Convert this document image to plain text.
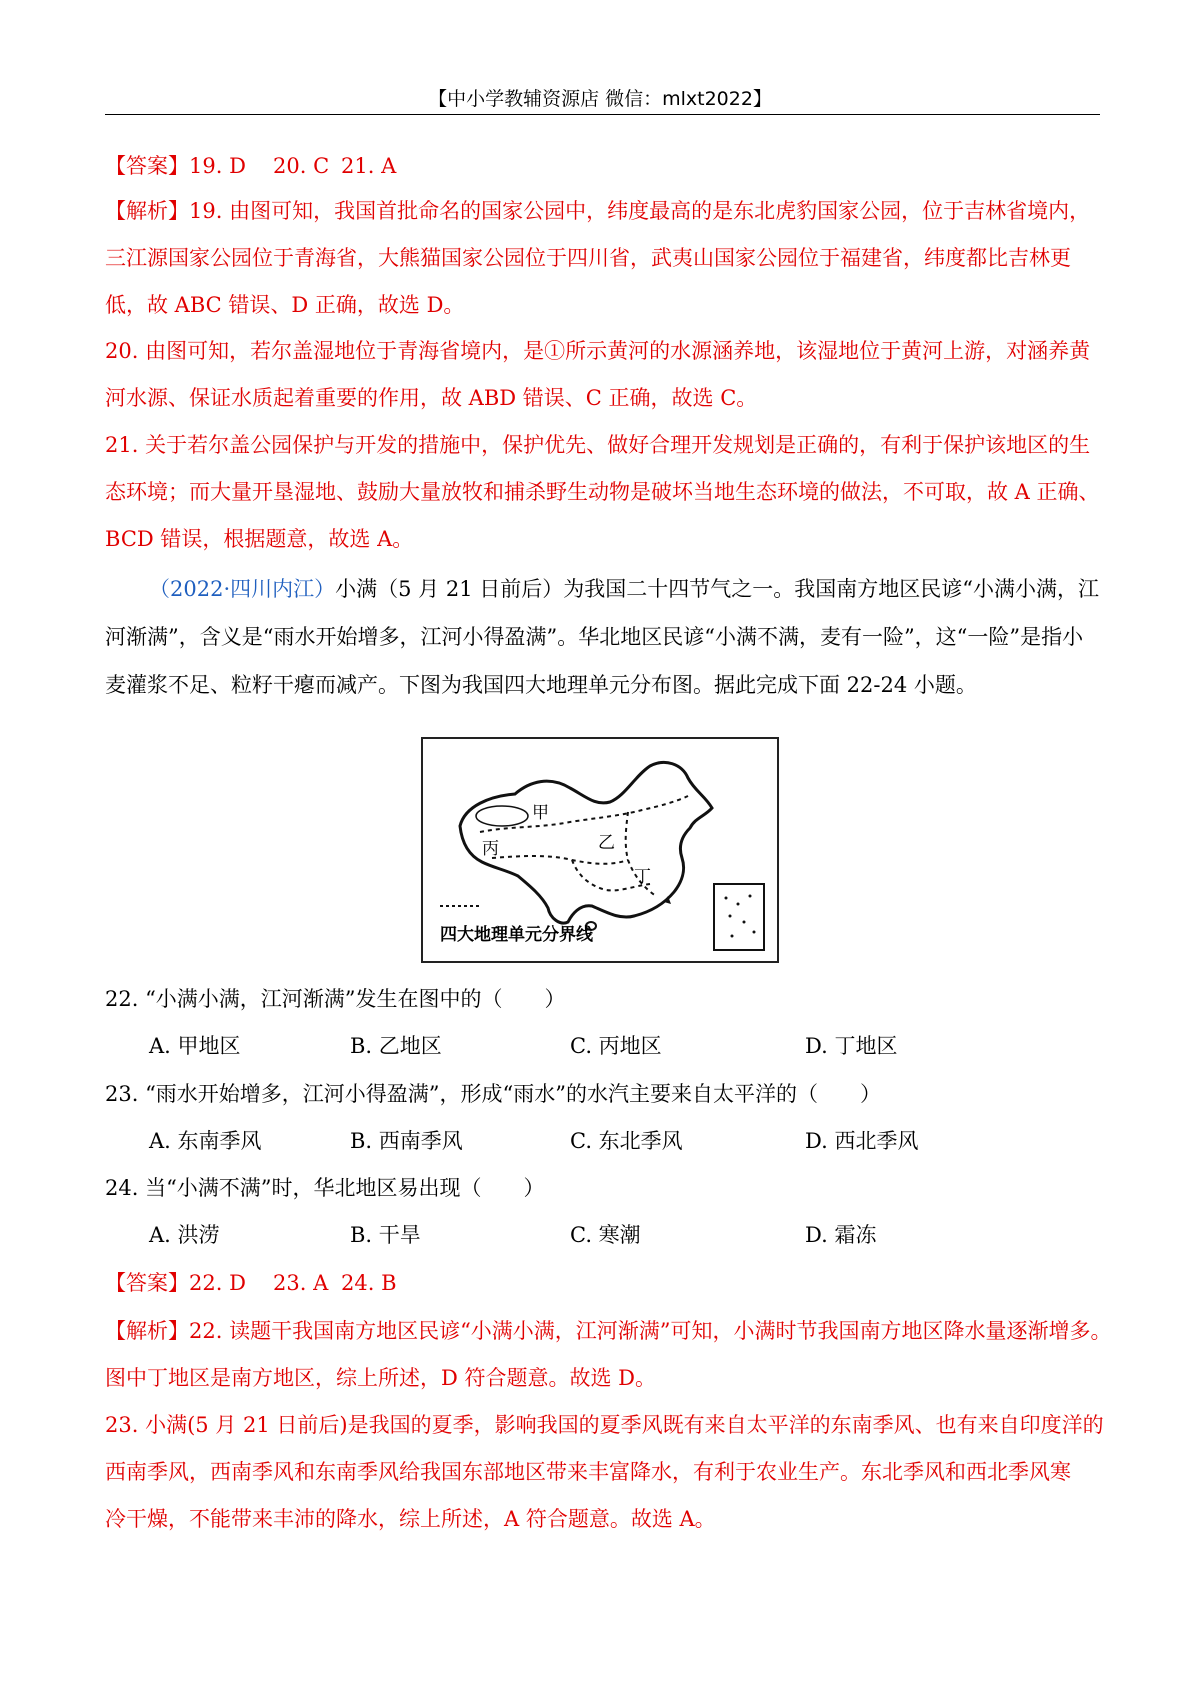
【中小学教辅资源店 微信：mlxt2022】
【答案】19. D 20. C 21. A
【解析】19. 由图可知，我国首批命名的国家公园中，纬度最高的是东北虎豹国家公园，位于吉林省境内，
三江源国家公园位于青海省，大熊猫国家公园位于四川省，武夷山国家公园位于福建省，纬度都比吉林更
低，故 ABC 错误、D 正确，故选 D。
20. 由图可知，若尔盖湿地位于青海省境内，是①所示黄河的水源涵养地，该湿地位于黄河上游，对涵养黄
河水源、保证水质起着重要的作用，故 ABD 错误、C 正确，故选 C。
21. 关于若尔盖公园保护与开发的措施中，保护优先、做好合理开发规划是正确的，有利于保护该地区的生
态环境；而大量开垦湿地、鼓励大量放牧和捕杀野生动物是破坏当地生态环境的做法，不可取，故 A 正确、
BCD 错误，根据题意，故选 A。
（2022·四川内江）小满（5 月 21 日前后）为我国二十四节气之一。我国南方地区民谚“小满小满，江
河渐满”，含义是“雨水开始增多，江河小得盈满”。华北地区民谚“小满不满，麦有一险”，这“一险”是指小
麦灌浆不足、粒籽干瘪而减产。下图为我国四大地理单元分布图。据此完成下面 22-24 小题。
甲
乙
丙
丁
四大地理单元分界线
22. “小满小满，江河渐满”发生在图中的（　　）
A. 甲地区	B. 乙地区	C. 丙地区	D. 丁地区
23. “雨水开始增多，江河小得盈满”，形成“雨水”的水汽主要来自太平洋的（　　）
A. 东南季风	B. 西南季风	C. 东北季风	D. 西北季风
24. 当“小满不满”时，华北地区易出现（　　）
A. 洪涝	B. 干旱	C. 寒潮	D. 霜冻
【答案】22. D 23. A 24. B
【解析】22. 读题干我国南方地区民谚“小满小满，江河渐满”可知，小满时节我国南方地区降水量逐渐增多。
图中丁地区是南方地区，综上所述，D 符合题意。故选 D。
23. 小满(5 月 21 日前后)是我国的夏季，影响我国的夏季风既有来自太平洋的东南季风、也有来自印度洋的
西南季风，西南季风和东南季风给我国东部地区带来丰富降水，有利于农业生产。东北季风和西北季风寒
冷干燥，不能带来丰沛的降水，综上所述，A 符合题意。故选 A。
